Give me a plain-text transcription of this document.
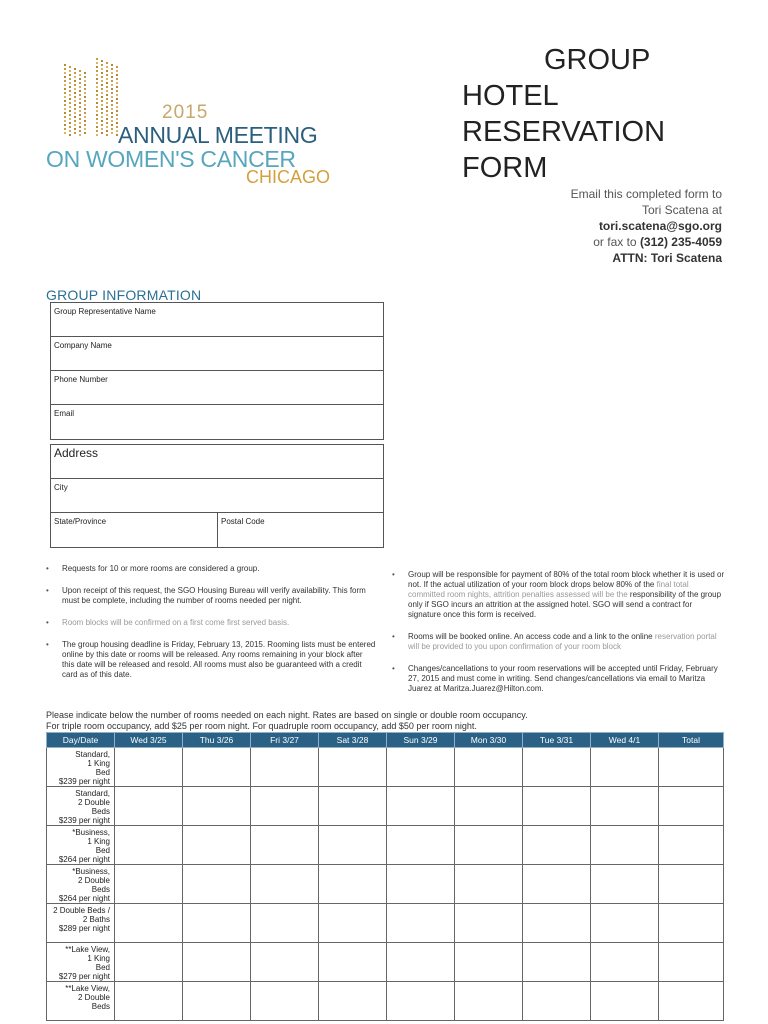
2015
ANNUAL MEETING
ON WOMEN'S CANCER
CHICAGO
GROUP
HOTEL
RESERVATION
FORM
Email this completed form to
Tori Scatena at
tori.scatena@sgo.org
or fax to (312) 235-4059
ATTN: Tori Scatena
GROUP INFORMATION
Group Representative Name
Company Name
Phone Number
Email
Address
City
State/Province	Postal Code
• Requests for 10 or more rooms are considered a group.
• Upon receipt of this request, the SGO Housing Bureau will verify availability. This form must be complete, including the number of rooms needed per night.
• Room blocks will be confirmed on a first come first served basis.
• The group housing deadline is Friday, February 13, 2015. Rooming lists must be entered online by this date or rooms will be released. Any rooms remaining in your block after this date will be released and resold. All rooms must also be guaranteed with a credit card as of this date.
• Group will be responsible for payment of 80% of the total room block whether it is used or not. If the actual utilization of your room block drops below 80% of the final total committed room nights, attrition penalties assessed will be the responsibility of the group only if SGO incurs an attrition at the assigned hotel. SGO will send a contract for signature once this form is received.
• Rooms will be booked online. An access code and a link to the online reservation portal will be provided to you upon confirmation of your room block
• Changes/cancellations to your room reservations will be accepted until Friday, February 27, 2015 and must come in writing. Send changes/cancellations via email to Maritza Juarez at Maritza.Juarez@Hilton.com.
Please indicate below the number of rooms needed on each night. Rates are based on single or double room occupancy.
For triple room occupancy, add $25 per room night. For quadruple room occupancy, add $50 per room night.
Day/Date	Wed 3/25	Thu 3/26	Fri 3/27	Sat 3/28	Sun 3/29	Mon 3/30	Tue 3/31	Wed 4/1	Total

Standard,
1 King
Bed
$239 per night									

Standard,
2 Double
Beds
$239 per night									

*Business,
1 King
Bed
$264 per night									

*Business,
2 Double
Beds
$264 per night									

2 Double Beds /
2 Baths
$289 per night									

**Lake View,
1 King
Bed
$279 per night									

**Lake View,
2 Double
Beds									
